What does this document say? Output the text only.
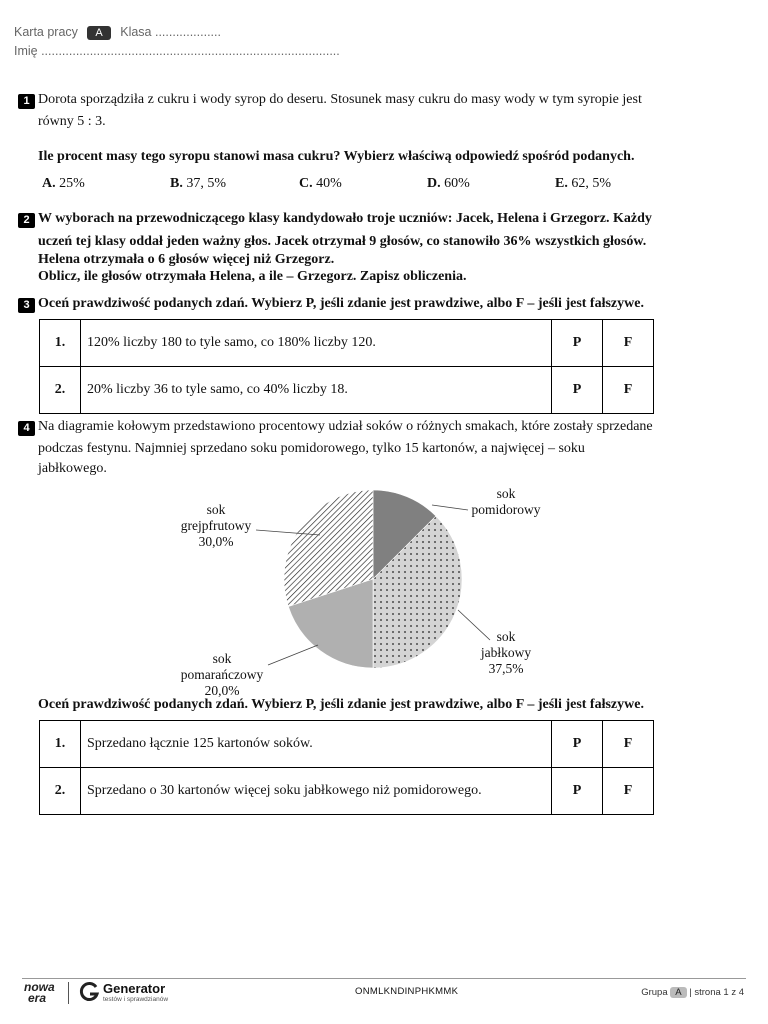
Karta pracy A Klasa ...................
Imię ......................................................................................
1 Dorota sporządziła z cukru i wody syrop do deseru. Stosunek masy cukru do masy wody w tym syropie jest
równy 5 : 3.
Ile procent masy tego syropu stanowi masa cukru? Wybierz właściwą odpowiedź spośród podanych.
A. 25%	B. 37, 5%	C. 40%	D. 60%	E. 62, 5%
2 W wyborach na przewodniczącego klasy kandydowało troje uczniów: Jacek, Helena i Grzegorz. Każdy
uczeń tej klasy oddał jeden ważny głos. Jacek otrzymał 9 głosów, co stanowiło 36% wszystkich głosów.
Helena otrzymała o 6 głosów więcej niż Grzegorz.
Oblicz, ile głosów otrzymała Helena, a ile – Grzegorz. Zapisz obliczenia.
3 Oceń prawdziwość podanych zdań. Wybierz P, jeśli zdanie jest prawdziwe, albo F – jeśli jest fałszywe.
1.	120% liczby 180 to tyle samo, co 180% liczby 120.	P	F
2.	20% liczby 36 to tyle samo, co 40% liczby 18.	P	F
4 Na diagramie kołowym przedstawiono procentowy udział soków o różnych smakach, które zostały sprzedane
podczas festynu. Najmniej sprzedano soku pomidorowego, tylko 15 kartonów, a najwięcej – soku
jabłkowego.
sok
pomidorowy
sok
jabłkowy
37,5%
sok
pomarańczowy
20,0%
sok
grejpfrutowy
30,0%
Oceń prawdziwość podanych zdań. Wybierz P, jeśli zdanie jest prawdziwe, albo F – jeśli jest fałszywe.
1.	Sprzedano łącznie 125 kartonów soków.	P	F
2.	Sprzedano o 30 kartonów więcej soku jabłkowego niż pomidorowego.	P	F
nowa
era
Generator
testów i sprawdzianów
ONMLKNDINPHKMMK	Grupa A | strona 1 z 4
